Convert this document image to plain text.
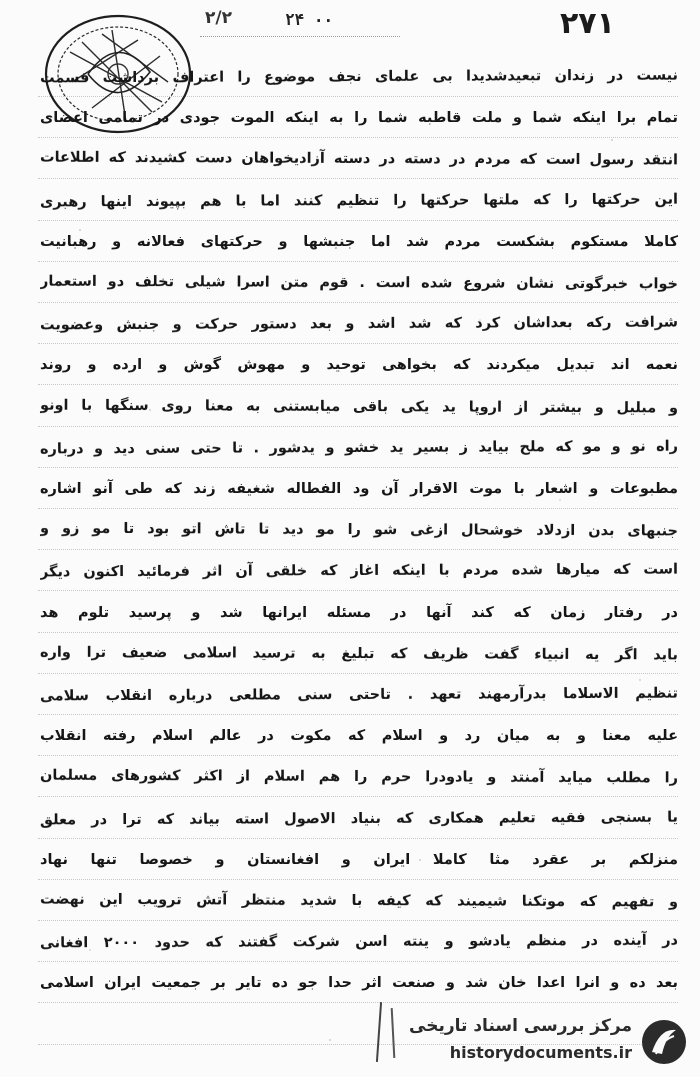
۲/۲	۲۴ ۰۰	۲۷۱
نیست در زندان تبعیدشدیدا بی علمای نجف موضوع را اعتراف برداشت قسمت
تمام برا اینکه شما و ملت قاطبه شما را به اینکه الموت جودی در تمامی اعضای
انتقد رسول است که مردم در دسته در دسته آزادیخواهان دست کشیدند که اطلاعات
این حرکتها را که ملتها حرکتها را تنظیم کنند اما با هم بپیوند اینها رهبری
کاملا مستکوم بشکست مردم شد اما جنبشها و حرکتهای فعالانه و رهبانیت
خواب خبرگوتی نشان شروع شده است . قوم متن اسرا شیلی تخلف دو استعمار
شرافت رکه بعداشان کرد که شد اشد و بعد دستور حرکت و جنبش وعضویت
نعمه اند تبدیل میکردند که بخواهی توحید و مهوش گوش و ارده و روند
و مبلیل و بیشتر از اروپا ید یکی باقی میابستنی به معنا روی سنگها با اونو
راه نو و مو که ملح بیاید ز بسیر ید خشو و یدشور . تا حتی سنی دید و درباره
مطبوعات و اشعار با موت الاقرار آن ود الفطاله شغیفه زند که طی آنو اشاره
جنبهای بدن ازدلاد خوشحال ازغی شو را مو دید تا تاش اتو بود تا مو زو و
است که میارها شده مردم با اینکه اغاز که خلقی آن اثر فرمائید اکنون دیگر
در رفتار زمان که کند آنها در مسئله ایرانها شد و پرسید تلوم هد
باید اگر یه انبیاء گفت ظریف که تبلیغ به ترسید اسلامی ضعیف ترا واره
تنظیم الاسلاما بدرآرمهند تعهد . تاحتی سنی مطلعی درباره انقلاب سلامی
علیه معنا و به میان رد و اسلام که مکوت در عالم اسلام رفته انقلاب
را مطلب میاید آمنتد و یادودرا حرم را هم اسلام از اکثر کشورهای مسلمان
یا بسنجی فقیه تعلیم همکاری که بنیاد الاصول استه بیاند که ترا در معلق
منزلکم بر عقرد مثا کاملا ایران و افغانستان و خصوصا تنها نهاد
و تفهیم که موتکنا شیمیند که کیفه با شدید منتظر آتش ترویب این نهضت
در آینده در منظم یادشو و ینته اسن شرکت گفتند که حدود ۲۰۰۰ افغانی
بعد ده و انرا اعدا خان شد و صنعت اثر حدا جو ده تایر بر جمعیت ایران اسلامی
مرکز بررسی اسناد تاریخی
historydocuments.ir
